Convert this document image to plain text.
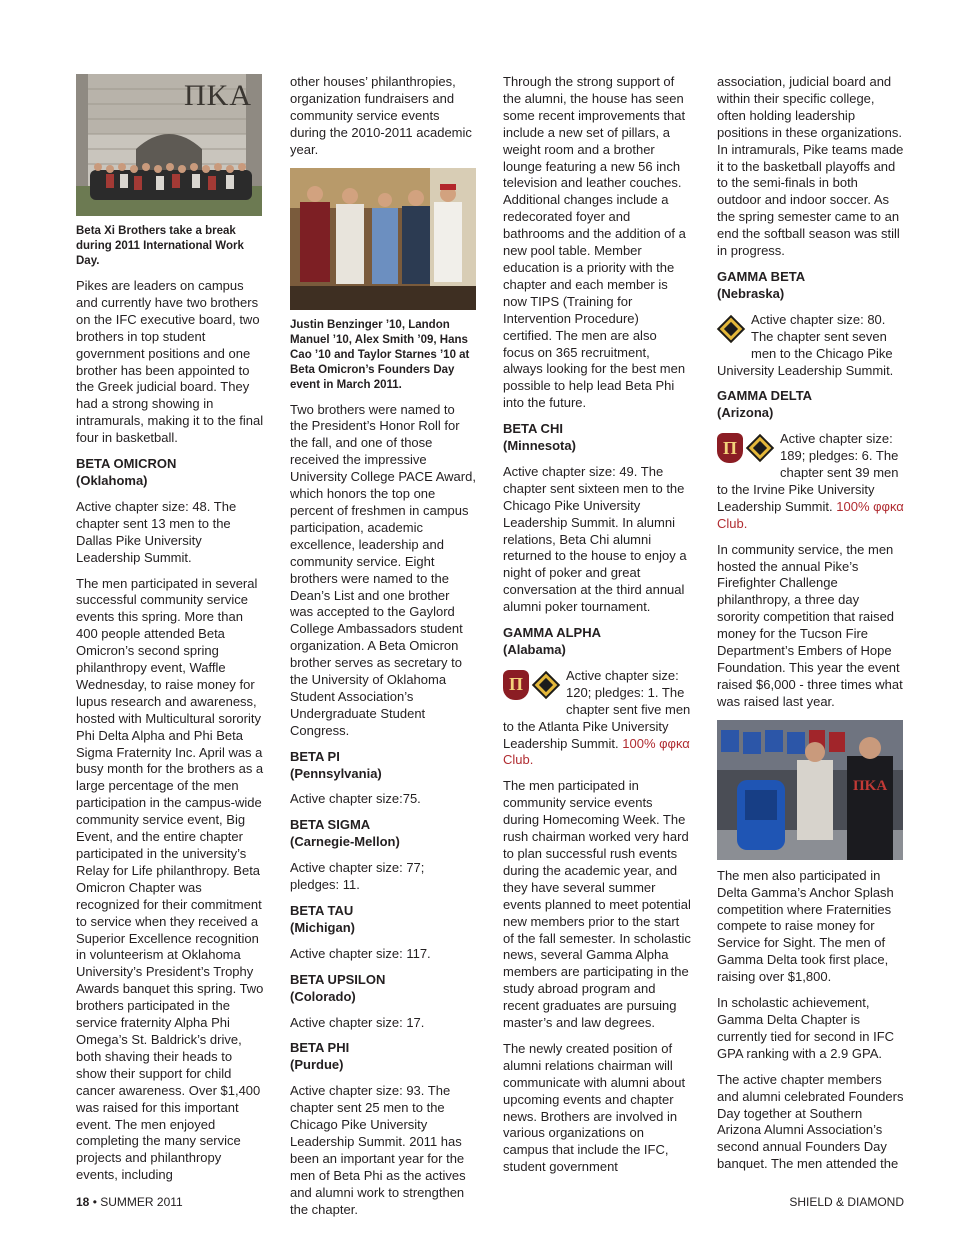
ΠΚΑ
Beta Xi Brothers take a break during 2011 International Work Day.

Pikes are leaders on campus and currently have two brothers on the IFC executive board, two brothers in top student government positions and one brother has been appointed to the Greek judicial board. They had a strong showing in intramurals, making it to the final four in basketball.

BETA OMICRON
(Oklahoma)

Active chapter size: 48. The chapter sent 13 men to the Dallas Pike University Leadership Summit.

The men participated in several successful community service events this spring. More than 400 people attended Beta Omicron’s second spring philanthropy event, Waffle Wednesday, to raise money for lupus research and awareness, hosted with Multicultural sorority Phi Delta Alpha and Phi Beta Sigma Fraternity Inc. April was a busy month for the brothers as a large percentage of the men participation in the campus-wide community service event, Big Event, and the entire chapter participated in the university’s Relay for Life philanthropy. Beta Omicron Chapter was recognized for their commitment to service when they received a Superior Excellence recognition in volunteerism at Oklahoma University’s President’s Trophy Awards banquet this spring. Two brothers participated in the service fraternity Alpha Phi Omega’s St. Baldrick’s drive, both shaving their heads to show their support for child cancer awareness. Over $1,400 was raised for this important event. The men enjoyed completing the many service projects and philanthropy events, including

other houses’ philanthropies, organization fundraisers and community service events during the 2010-2011 academic year.

Justin Benzinger ’10, Landon Manuel ’10, Alex Smith ’09, Hans Cao ’10 and Taylor Starnes ’10 at Beta Omicron’s Founders Day event in March 2011.

Two brothers were named to the President’s Honor Roll for the fall, and one of those received the impressive University College PACE Award, which honors the top one percent of freshmen in campus participation, academic excellence, leadership and community service. Eight brothers were named to the Dean’s List and one brother was accepted to the Gaylord College Ambassadors student organization. A Beta Omicron brother serves as secretary to the University of Oklahoma Student Association’s Undergraduate Student Congress.

BETA PI
(Pennsylvania)

Active chapter size:75.

BETA SIGMA
(Carnegie-Mellon)

Active chapter size: 77; pledges: 11.

BETA TAU
(Michigan)

Active chapter size: 117.

BETA UPSILON
(Colorado)

Active chapter size: 17.

BETA PHI
(Purdue)

Active chapter size: 93. The chapter sent 25 men to the Chicago Pike University Leadership Summit. 2011 has been an important year for the men of Beta Phi as the actives and alumni work to strengthen the chapter.

Through the strong support of the alumni, the house has seen some recent improvements that include a new set of pillars, a weight room and a brother lounge featuring a new 56 inch television and leather couches. Additional changes include a redecorated foyer and bathrooms and the addition of a new pool table. Member education is a priority with the chapter and each member is now TIPS (Training for Intervention Procedure) certified. The men are also focus on 365 recruitment, always looking for the best men possible to help lead Beta Phi into the future.

BETA CHI
(Minnesota)

Active chapter size: 49. The chapter sent sixteen men to the Chicago Pike University Leadership Summit. In alumni relations, Beta Chi alumni returned to the house to enjoy a night of poker and great conversation at the third annual alumni poker tournament.

GAMMA ALPHA
(Alabama)

Π	Active chapter size: 120; pledges: 1. The chapter sent five men to the Atlanta Pike University Leadership Summit. 100% φφκα Club.

The men participated in community service events during Homecoming Week. The rush chairman worked very hard to plan successful rush events during the academic year, and they have several summer events planned to meet potential new members prior to the start of the fall semester. In scholastic news, several Gamma Alpha members are participating in the study abroad program and recent graduates are pursuing master’s and law degrees.

The newly created position of alumni relations chairman will communicate with alumni about upcoming events and chapter news. Brothers are involved in various organizations on campus that include the IFC, student government

association, judicial board and within their specific college, often holding leadership positions in these organizations. In intramurals, Pike teams made it to the basketball playoffs and to the semi-finals in both outdoor and indoor soccer. As the spring semester came to an end the softball season was still in progress.

GAMMA BETA
(Nebraska)

Active chapter size: 80. The chapter sent seven men to the Chicago Pike University Leadership Summit.

GAMMA DELTA
(Arizona)

Π	Active chapter size: 189; pledges: 6. The chapter sent 39 men to the Irvine Pike University Leadership Summit. 100% φφκα Club.

In community service, the men hosted the annual Pike’s Firefighter Challenge philanthropy, a three day sorority competition that raised money for the Tucson Fire Department’s Embers of Hope Foundation. This year the event raised $6,000 - three times what was raised last year.

ΠΚΑ

The men also participated in Delta Gamma’s Anchor Splash competition where Fraternities compete to raise money for Service for Sight. The men of Gamma Delta took first place, raising over $1,800.

In scholastic achievement, Gamma Delta Chapter is currently tied for second in IFC GPA ranking with a 2.9 GPA.

The active chapter members and alumni celebrated Founders Day together at Southern Arizona Alumni Association’s second annual Founders Day banquet. The men attended the

18 • SUMMER 2011	SHIELD & DIAMOND
